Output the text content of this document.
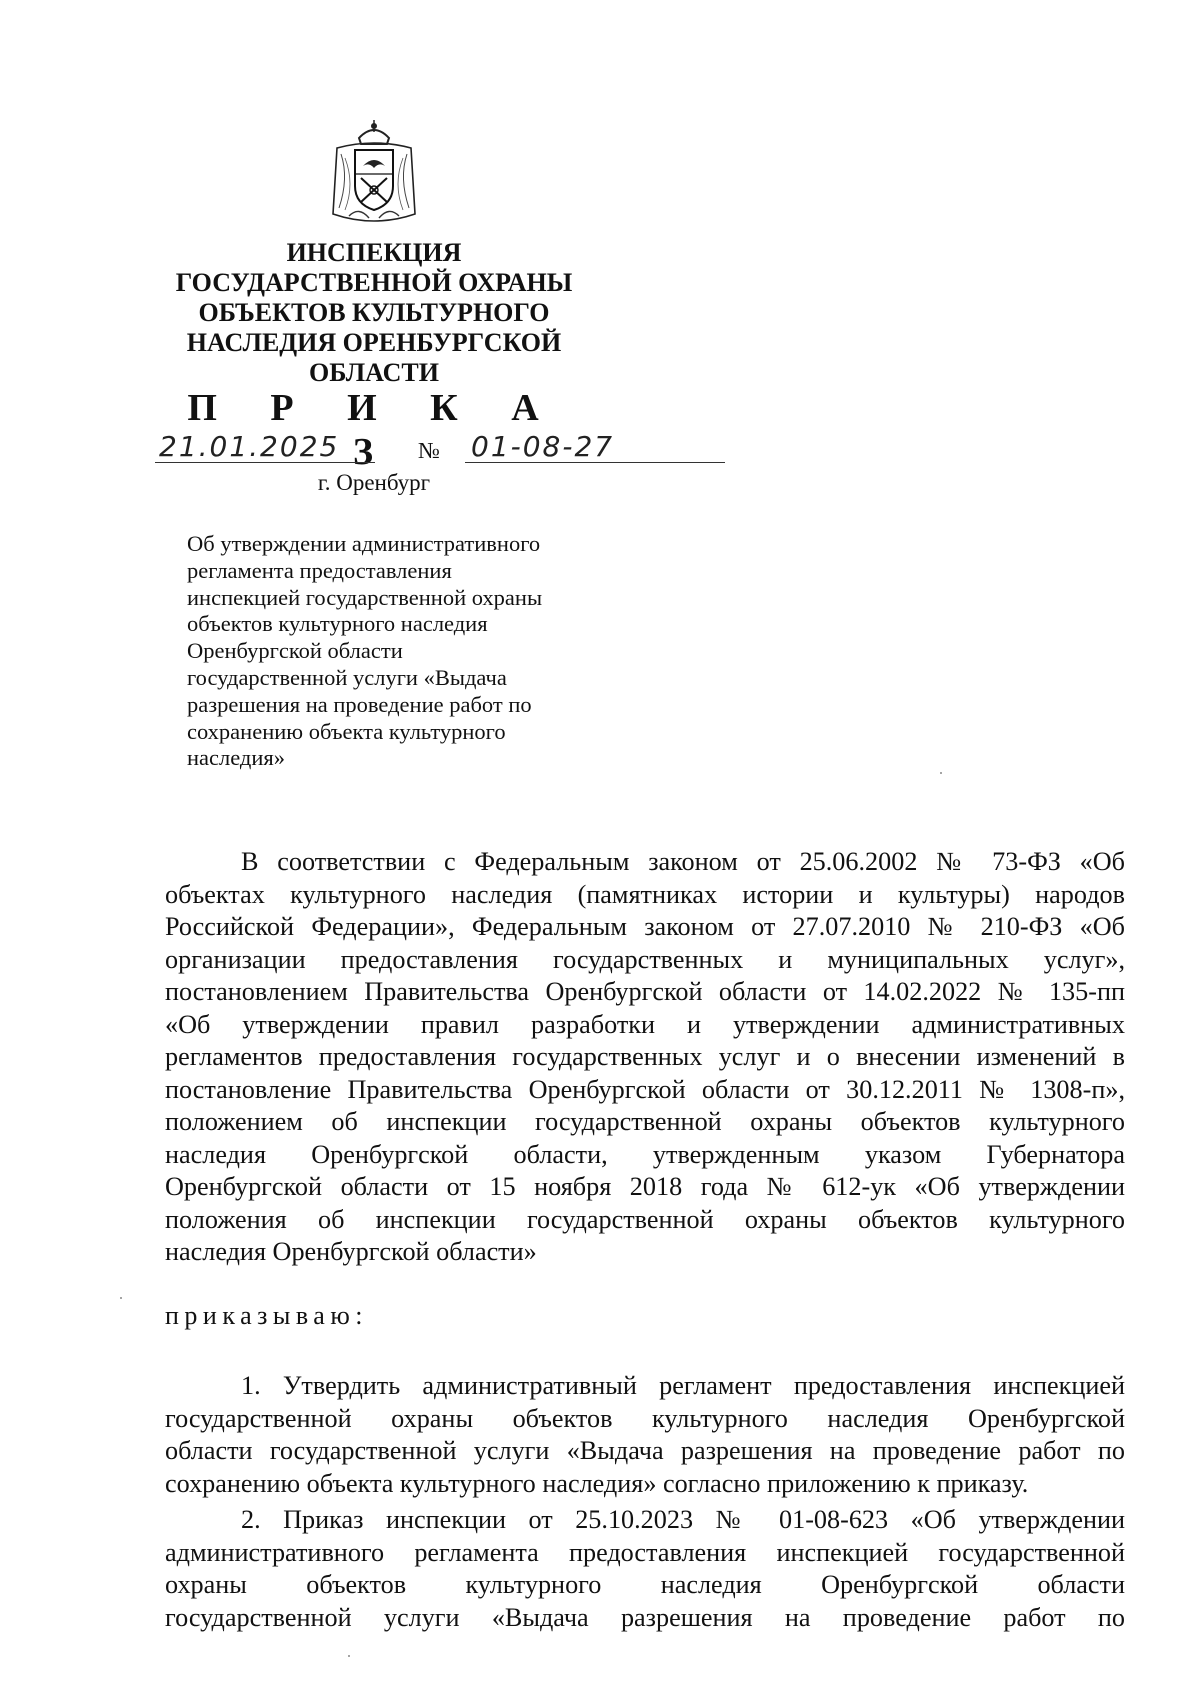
ИНСПЕКЦИЯ
ГОСУДАРСТВЕННОЙ ОХРАНЫ
ОБЪЕКТОВ КУЛЬТУРНОГО
НАСЛЕДИЯ ОРЕНБУРГСКОЙ
ОБЛАСТИ
П Р И К А З
21.01.2025	№ 01-08-27
г. Оренбург
Об утверждении административного
регламента предоставления
инспекцией государственной охраны
объектов культурного наследия
Оренбургской области
государственной услуги «Выдача
разрешения на проведение работ по
сохранению объекта культурного
наследия»
В соответствии с Федеральным законом от 25.06.2002 № 73-ФЗ «Об
объектах культурного наследия (памятниках истории и культуры) народов
Российской Федерации», Федеральным законом от 27.07.2010 № 210-ФЗ «Об
организации предоставления государственных и муниципальных услуг»,
постановлением Правительства Оренбургской области от 14.02.2022 № 135-пп
«Об утверждении правил разработки и утверждении административных
регламентов предоставления государственных услуг и о внесении изменений в
постановление Правительства Оренбургской области от 30.12.2011 № 1308-п»,
положением об инспекции государственной охраны объектов культурного
наследия Оренбургской области, утвержденным указом Губернатора
Оренбургской области от 15 ноября 2018 года № 612-ук «Об утверждении
положения об инспекции государственной охраны объектов культурного
наследия Оренбургской области»
приказываю:
1. Утвердить административный регламент предоставления инспекцией
государственной охраны объектов культурного наследия Оренбургской
области государственной услуги «Выдача разрешения на проведение работ по
сохранению объекта культурного наследия» согласно приложению к приказу.
2. Приказ инспекции от 25.10.2023 № 01-08-623 «Об утверждении
административного регламента предоставления инспекцией государственной
охраны объектов культурного наследия Оренбургской области
государственной услуги «Выдача разрешения на проведение работ по
